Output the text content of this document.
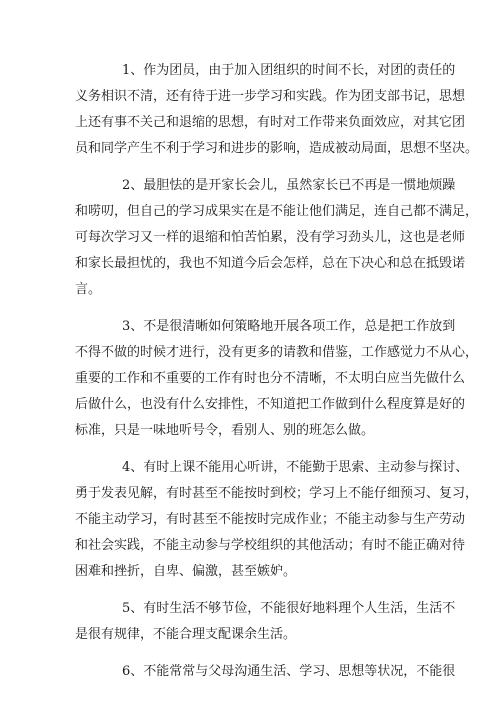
1、作为团员，由于加入团组织的时间不长，对团的责任的
义务相识不清，还有待于进一步学习和实践。作为团支部书记，思想
上还有事不关己和退缩的思想，有时对工作带来负面效应，对其它团
员和同学产生不利于学习和进步的影响，造成被动局面，思想不坚决。

2、最胆怯的是开家长会儿，虽然家长已不再是一惯地烦躁
和唠叨，但自己的学习成果实在是不能让他们满足，连自己都不满足，
可每次学习又一样的退缩和怕苦怕累，没有学习劲头儿，这也是老师
和家长最担忧的，我也不知道今后会怎样，总在下决心和总在抵毁诺
言。

3、不是很清晰如何策略地开展各项工作，总是把工作放到
不得不做的时候才进行，没有更多的请教和借鉴，工作感觉力不从心，
重要的工作和不重要的工作有时也分不清晰，不太明白应当先做什么
后做什么，也没有什么安排性，不知道把工作做到什么程度算是好的
标准，只是一味地听号令，看别人、别的班怎么做。

4、有时上课不能用心听讲，不能勤于思索、主动参与探讨、
勇于发表见解，有时甚至不能按时到校；学习上不能仔细预习、复习，
不能主动学习，有时甚至不能按时完成作业；不能主动参与生产劳动
和社会实践，不能主动参与学校组织的其他活动；有时不能正确对待
困难和挫折，自卑、偏激，甚至嫉妒。

5、有时生活不够节俭，不能很好地料理个人生活，生活不
是很有规律，不能合理支配课余生活。

6、不能常常与父母沟通生活、学习、思想等状况，不能很
